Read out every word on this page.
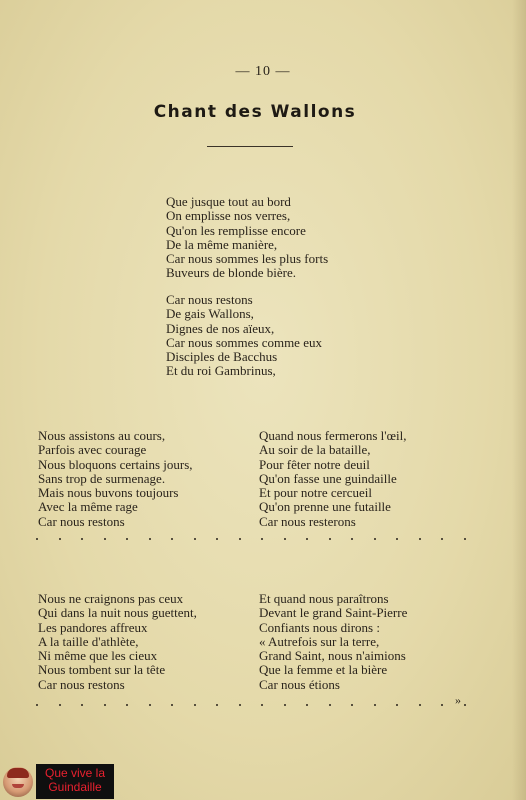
— 10 —
Chant des Wallons
Que jusque tout au bord
On emplisse nos verres,
Qu'on les remplisse encore
De la même manière,
Car nous sommes les plus forts
Buveurs de blonde bière.
Car nous restons
De gais Wallons,
Dignes de nos aïeux,
Car nous sommes comme eux
Disciples de Bacchus
Et du roi Gambrinus,
Nous assistons au cours,
Parfois avec courage
Nous bloquons certains jours,
Sans trop de surmenage.
Mais nous buvons toujours
Avec la même rage
Car nous restons
Quand nous fermerons l'œil,
Au soir de la bataille,
Pour fêter notre deuil
Qu'on fasse une guindaille
Et pour notre cercueil
Qu'on prenne une futaille
Car nous resterons
Nous ne craignons pas ceux
Qui dans la nuit nous guettent,
Les pandores affreux
A la taille d'athlète,
Ni même que les cieux
Nous tombent sur la tête
Car nous restons
Et quand nous paraîtrons
Devant le grand Saint-Pierre
Confiants nous dirons :
« Autrefois sur la terre,
Grand Saint, nous n'aimions
Que la femme et la bière
Car nous étions
»
Que vive la
Guindaille
